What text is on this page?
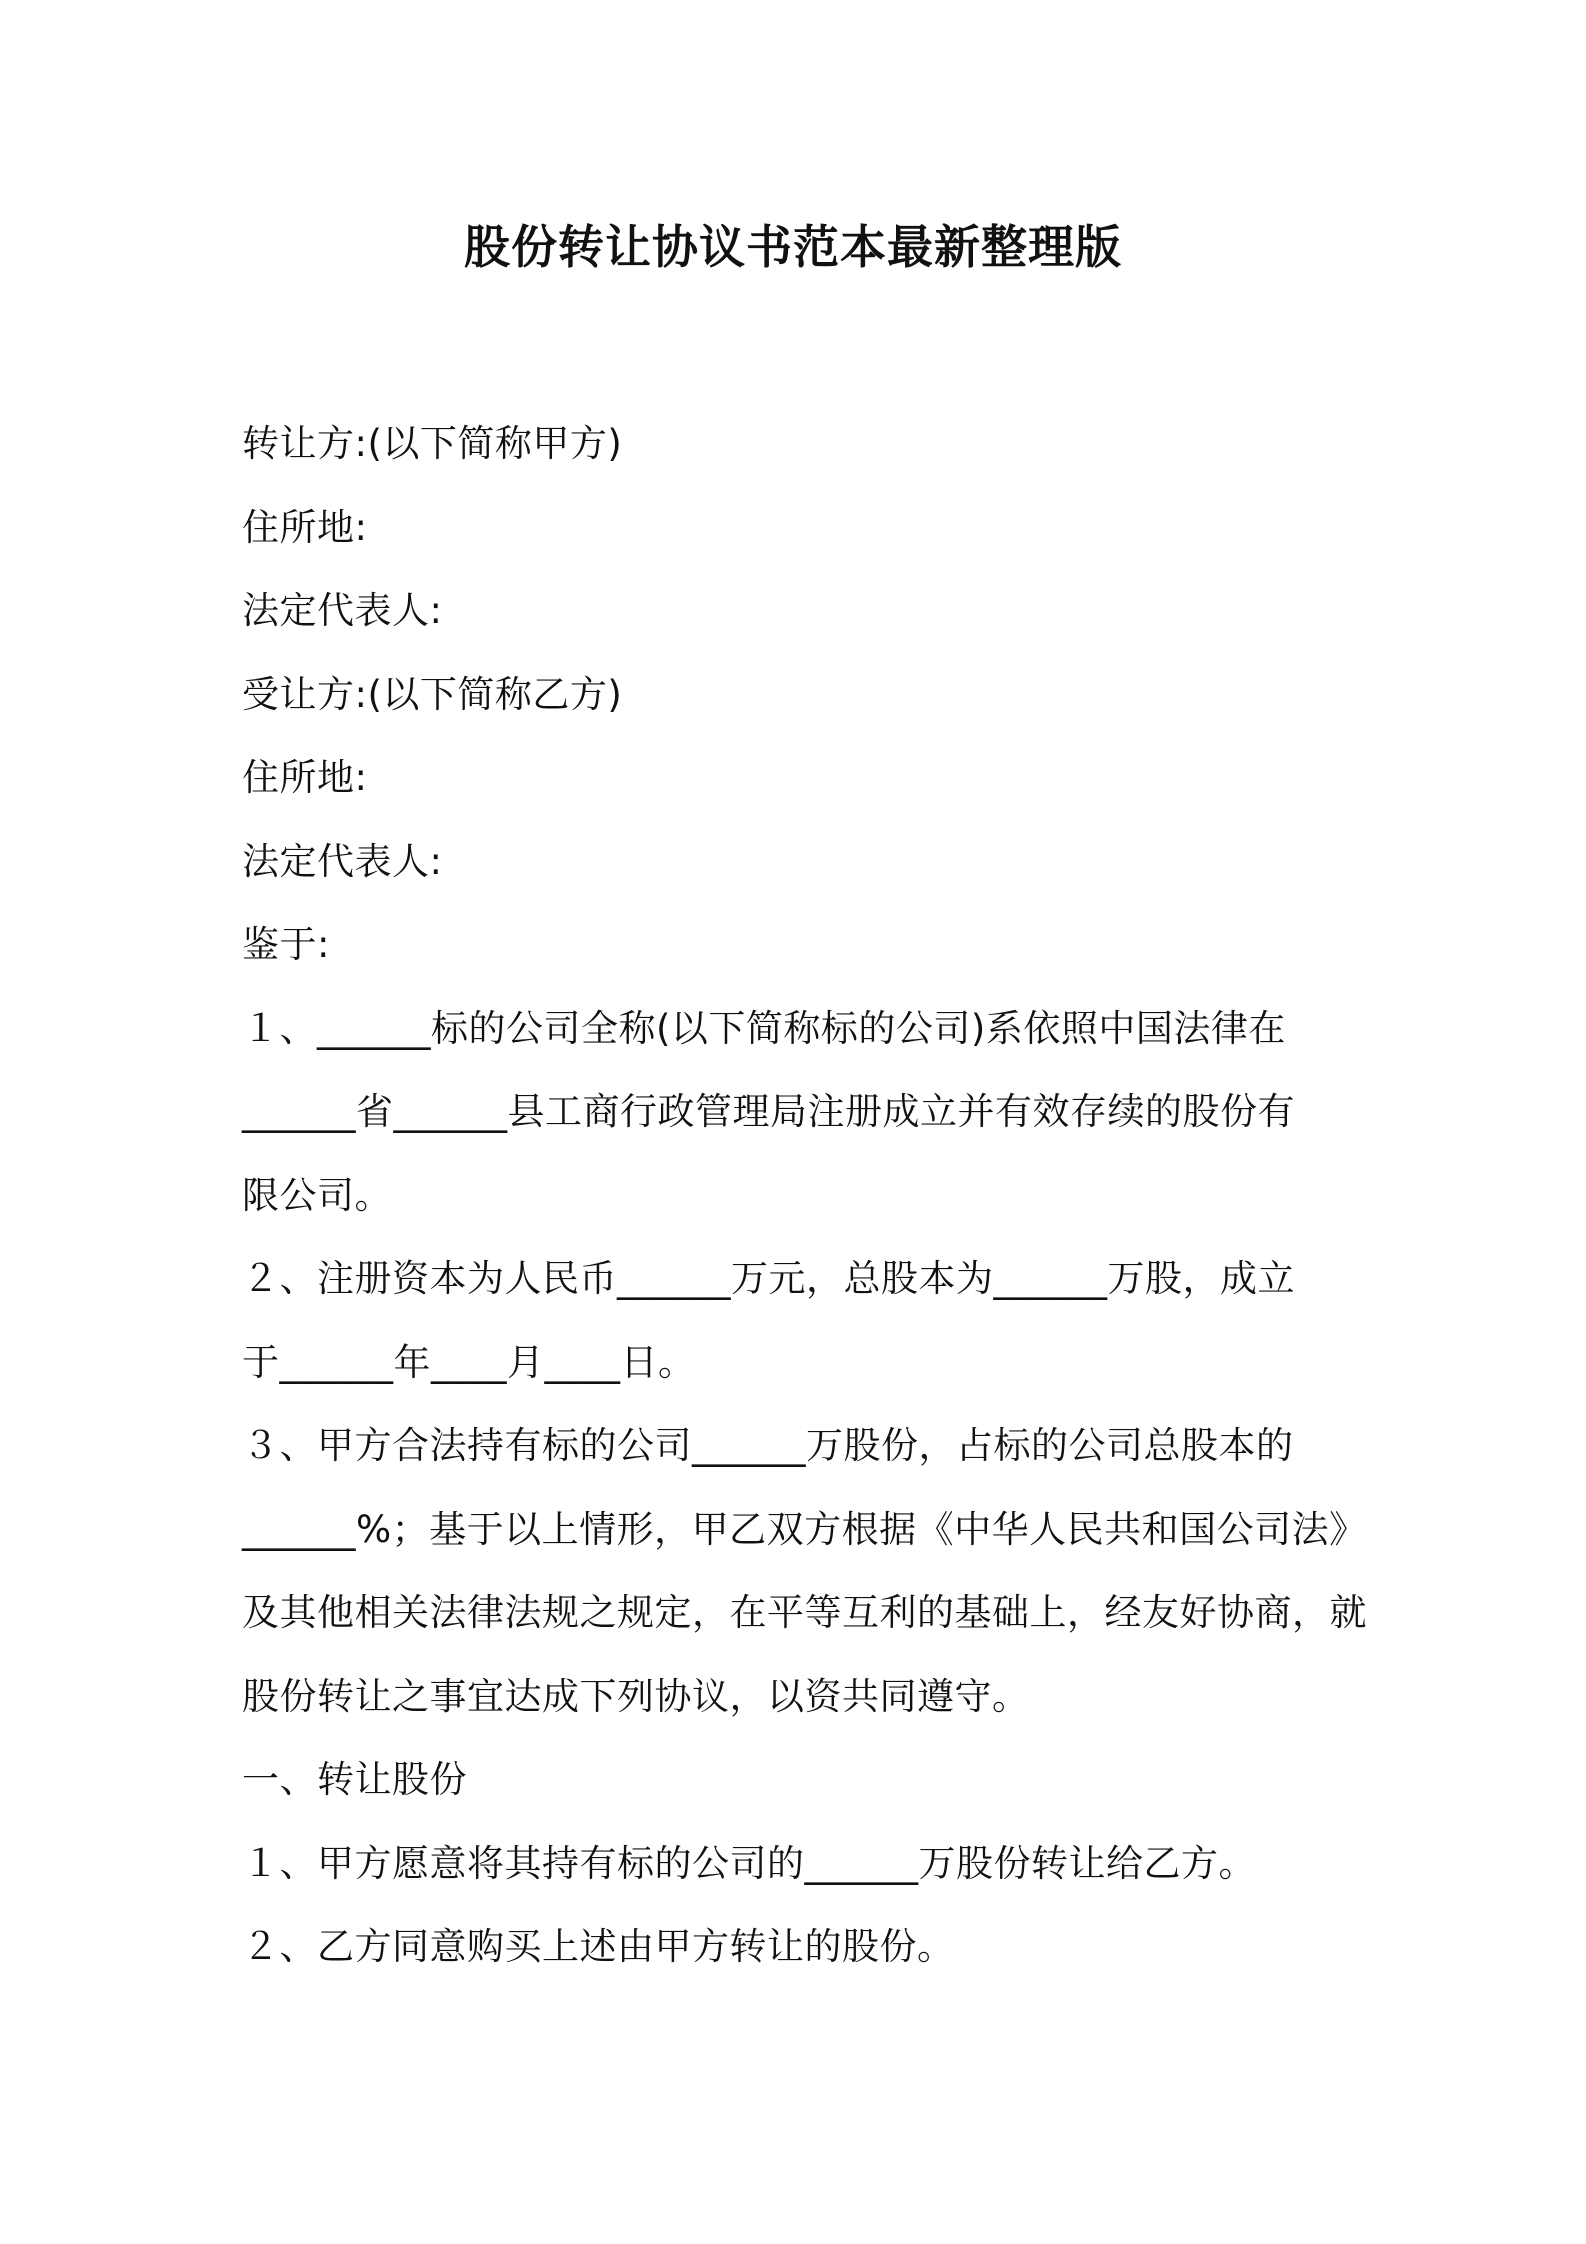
股份转让协议书范本最新整理版
转让方:(以下简称甲方)
住所地:
法定代表人:
受让方:(以下简称乙方)
住所地:
法定代表人:
鉴于:
１、______标的公司全称(以下简称标的公司)系依照中国法律在
______省______县工商行政管理局注册成立并有效存续的股份有
限公司。
２、注册资本为人民币______万元，总股本为______万股，成立
于______年____月____日。
３、甲方合法持有标的公司______万股份，占标的公司总股本的
______%；基于以上情形，甲乙双方根据《中华人民共和国公司法》
及其他相关法律法规之规定，在平等互利的基础上，经友好协商，就
股份转让之事宜达成下列协议，以资共同遵守。
一、转让股份
１、甲方愿意将其持有标的公司的______万股份转让给乙方。
２、乙方同意购买上述由甲方转让的股份。
